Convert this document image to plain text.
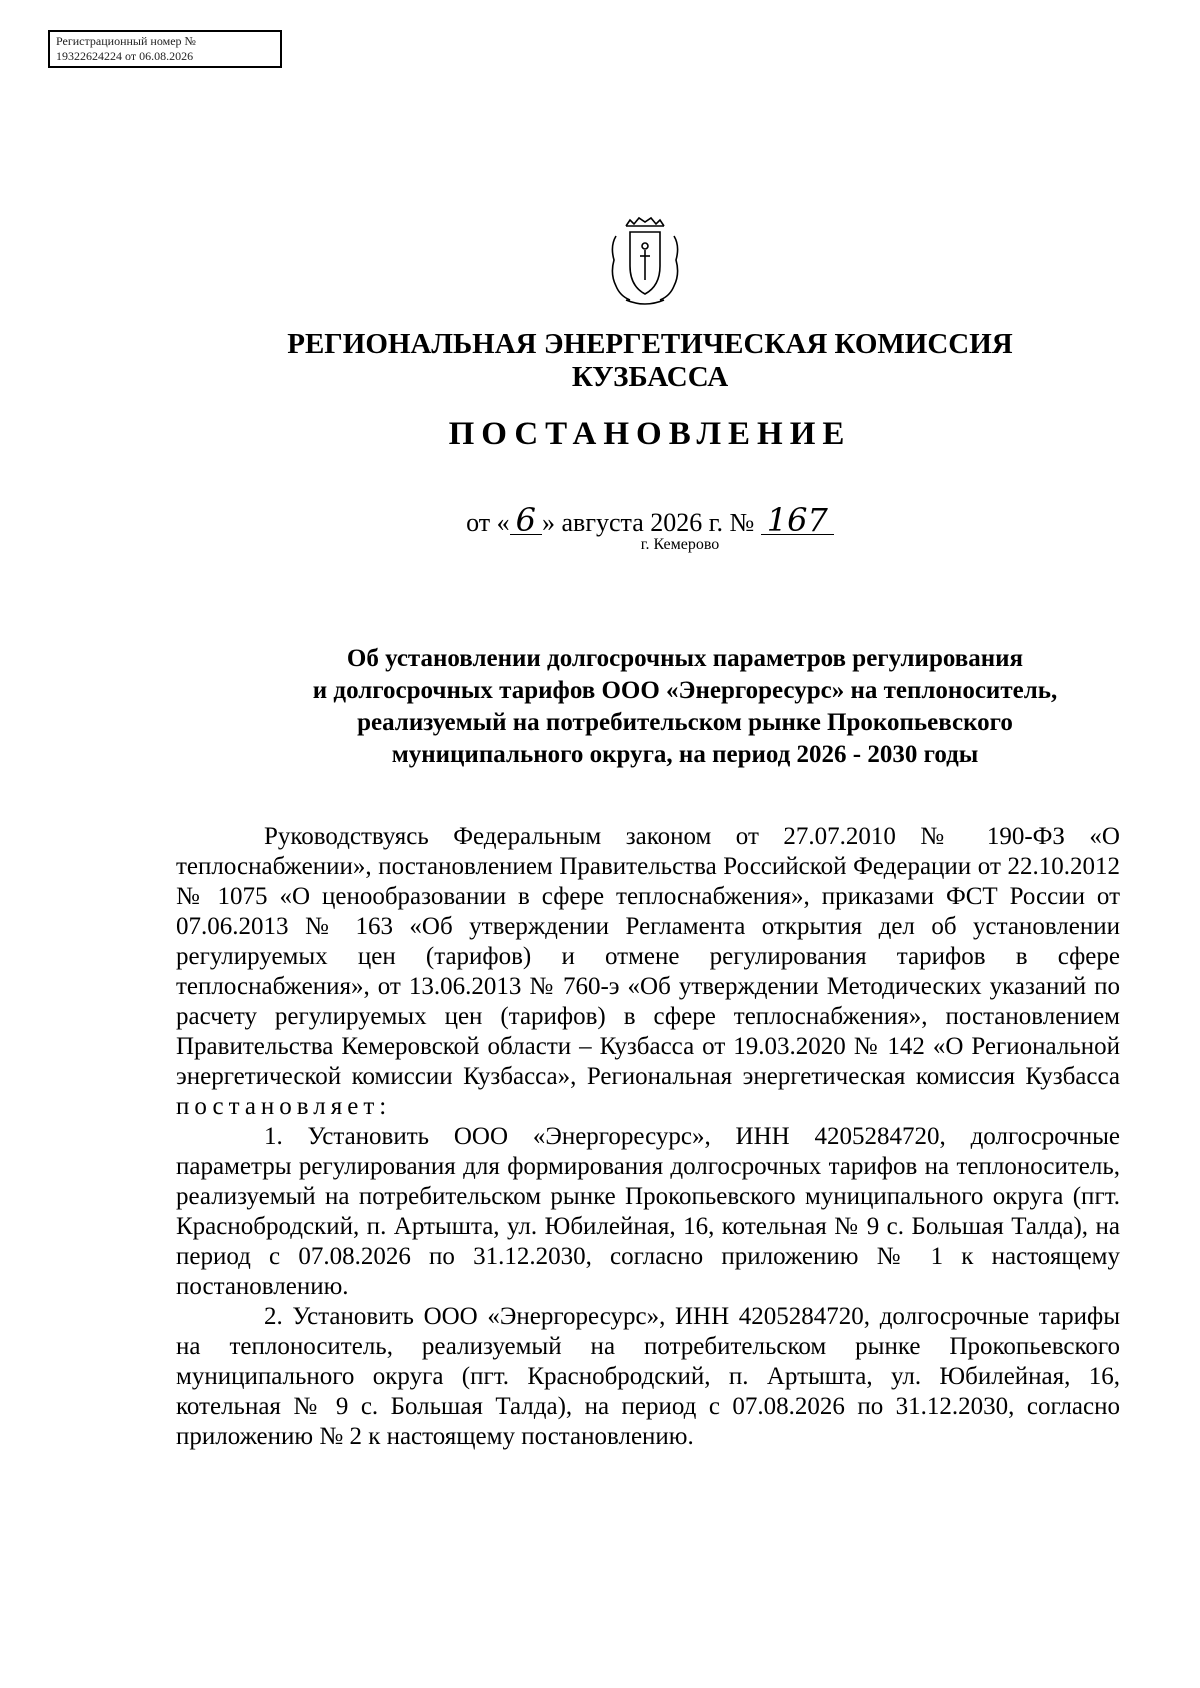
Регистрационный номер №
19322624224 от 06.08.2026
РЕГИОНАЛЬНАЯ ЭНЕРГЕТИЧЕСКАЯ КОМИССИЯ
КУЗБАССА
ПОСТАНОВЛЕНИЕ
от « 6 » августа 2026 г. № 167
г. Кемерово
Об установлении долгосрочных параметров регулирования
и долгосрочных тарифов ООО «Энергоресурс» на теплоноситель,
реализуемый на потребительском рынке Прокопьевского
муниципального округа, на период 2026 - 2030 годы

Руководствуясь Федеральным законом от 27.07.2010 № 190-ФЗ «О теплоснабжении», постановлением Правительства Российской Федерации от 22.10.2012 № 1075 «О ценообразовании в сфере теплоснабжения», приказами ФСТ России от 07.06.2013 № 163 «Об утверждении Регламента открытия дел об установлении регулируемых цен (тарифов) и отмене регулирования тарифов в сфере теплоснабжения», от 13.06.2013 № 760-э «Об утверждении Методических указаний по расчету регулируемых цен (тарифов) в сфере теплоснабжения», постановлением Правительства Кемеровской области – Кузбасса от 19.03.2020 № 142 «О Региональной энергетической комиссии Кузбасса», Региональная энергетическая комиссия Кузбасса постановляет:

1. Установить ООО «Энергоресурс», ИНН 4205284720, долгосрочные параметры регулирования для формирования долгосрочных тарифов на теплоноситель, реализуемый на потребительском рынке Прокопьевского муниципального округа (пгт. Краснобродский, п. Артышта, ул. Юбилейная, 16, котельная № 9 с. Большая Талда), на период с 07.08.2026 по 31.12.2030, согласно приложению № 1 к настоящему постановлению.

2. Установить ООО «Энергоресурс», ИНН 4205284720, долгосрочные тарифы на теплоноситель, реализуемый на потребительском рынке Прокопьевского муниципального округа (пгт. Краснобродский, п. Артышта, ул. Юбилейная, 16, котельная № 9 с. Большая Талда), на период с 07.08.2026 по 31.12.2030, согласно приложению № 2 к настоящему постановлению.
